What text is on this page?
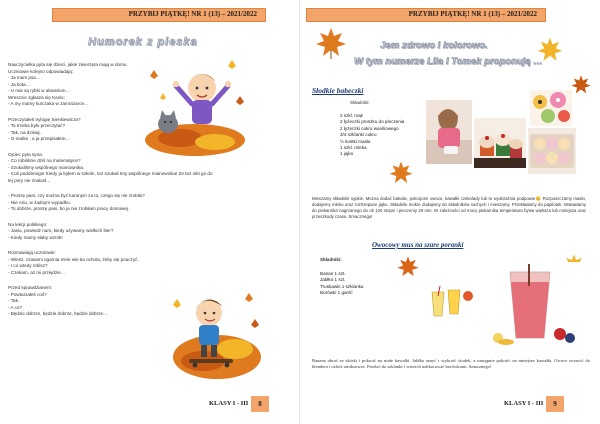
PRZYBIJ PIĄTKĘ! NR 1 (13) – 2021/2022
Humorek z pieska

Nauczycielka pyta się dzieci, jakie zwierzęta mają w domu.

Uczniowie kolejno odpowiadają:

- Ja mam psa…

- Ja kota…

- U nas są rybki w akwarium…

Wreszcie zgłasza się Kazio:

- A my mamy kurczaka w zamrażarce…

Przeczytałeś trylogię Sienkiewicza?

- To trzeba było przeczytać?

- Tak, na dzisiaj.

- O matko , a ja przepisałem…

Ojciec pyta syna:

- Co robiliście dziś na matematyce?

- Szukaliśmy wspólnego mianownika.

- Coś podobnego! Kiedy ja byłem w szkole, też szukali tmy wspólnego mianownika! Ze też nikt go do

tej pory nie znalazł…

- Proszę pani, czy można być karanym za to, czego się nie zrobiło?

- Nie Ariu, w żadnym wypadku.

- To dobrze, proszę pani, bo ja nie zrobiłam pracy domowej.

Na lekcji polskiego:

- Jasiu, powiedz nam, kiedy używamy wielkich liter?

- Kiedy mamy słaby wzrok!

Rozmawiają uczniowie:

- Wiesz, czasami ogarnia mnie wie ka ochota, żeby się pouczyć.

- I co wtedy robisz?

- Czekam, aż mi przejdzie…

Przed sprawdzianem:

- Powtarzałeś coś?

- Tak.

- A co?

- Będzie dobrze, będzie dobrze, będzie dobrze…

KLASY I - III	8
PRZYBIJ PIĄTKĘ! NR 1 (13) – 2021/2022
Jem zdrowo i kolorowo.
W tym numerze Lila i Tomek proponują …
Słodkie babeczki
Składniki:
2 szkl. mąk
2 łyżeczki proszku do pieczenia
2 łyżeczki cukru waniliowego
3/4 szklanki cukru
½ kostki masła
1 szkl. mleka
1 jajko
Mieszamy składniki sypkie. Można dodać bakalie, pokrojone owoce, kawałki czekolady lub to wyobraźnia podpowie😊 Rozpuszczamy masło, dodajemy mleko oraz roztrzepane jajko. Składniki mokre dodajemy do składników suchych i mieszamy. Przekładamy do papilotek. Wstawiamy do piekarnika nagrzanego do ok 120 stopni i pieczemy 20 min. W zależności od mocy piekarnika temperatura bywa większa lub mniejsza oraz przeszkody czasu. Smacznego!
Owocowy mus na szare poranki
Składniki:
Banan 1 szt.
Jabłko 1 szt.
Truskawki 1 szklanka
Borówki 1 garść
Banana obrać ze skórki i pokroić na małe kawałki. Jabłko umyć i wykroić środek, a następnie pokroić na mniejsze kawałki. Owoce wrzucić do blendera i całość zmiksować. Przelać do szklanki i wierzch udekorować borówkami. Smacznego!
KLASY I - III	9
